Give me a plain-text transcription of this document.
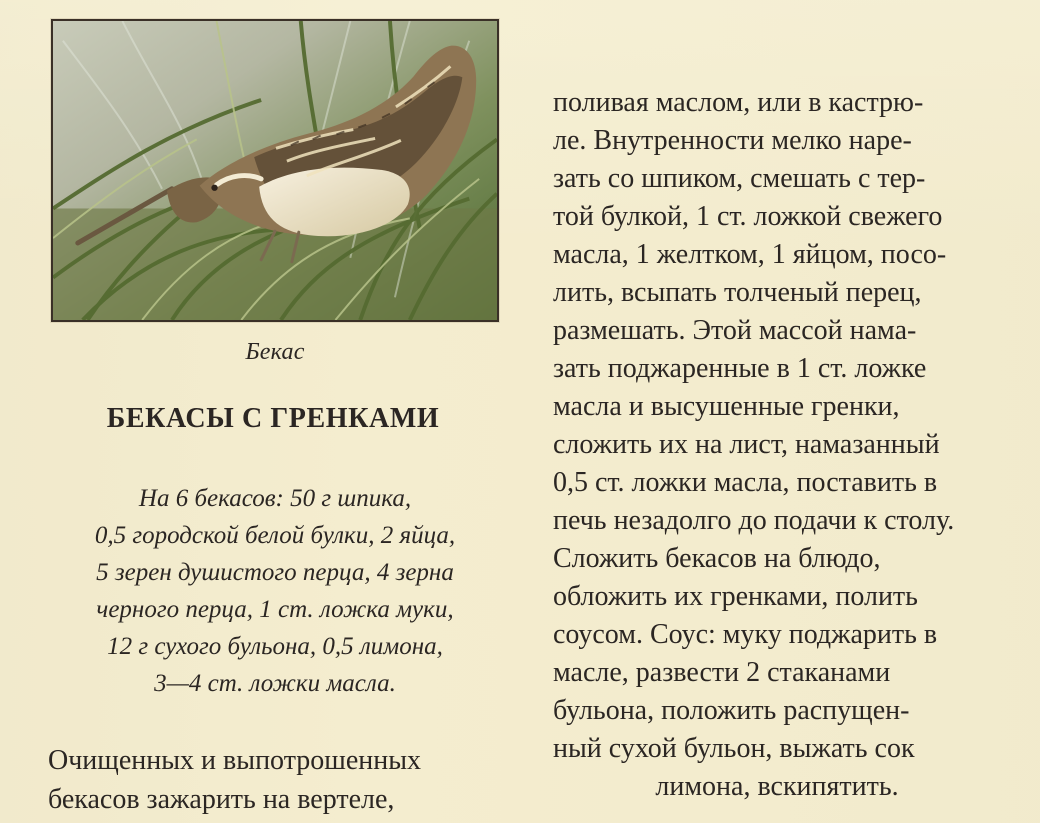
Бекас
БЕКАСЫ С ГРЕНКАМИ
На 6 бекасов: 50 г шпика,
0,5 городской белой булки, 2 яйца,
5 зерен душистого перца, 4 зерна
черного перца, 1 ст. ложка муки,
12 г сухого бульона, 0,5 лимона,
3—4 ст. ложки масла.
Очищенных и выпотрошенных
бекасов зажарить на вертеле,
поливая маслом, или в кастрю-
ле. Внутренности мелко наре-
зать со шпиком, смешать с тер-
той булкой, 1 ст. ложкой свежего
масла, 1 желтком, 1 яйцом, посо-
лить, всыпать толченый перец,
размешать. Этой массой нама-
зать поджаренные в 1 ст. ложке
масла и высушенные гренки,
сложить их на лист, намазанный
0,5 ст. ложки масла, поставить в
печь незадолго до подачи к столу.
Сложить бекасов на блюдо,
обложить их гренками, полить
соусом. Соус: муку поджарить в
масле, развести 2 стаканами
бульона, положить распущен-
ный сухой бульон, выжать сок
лимона, вскипятить.
